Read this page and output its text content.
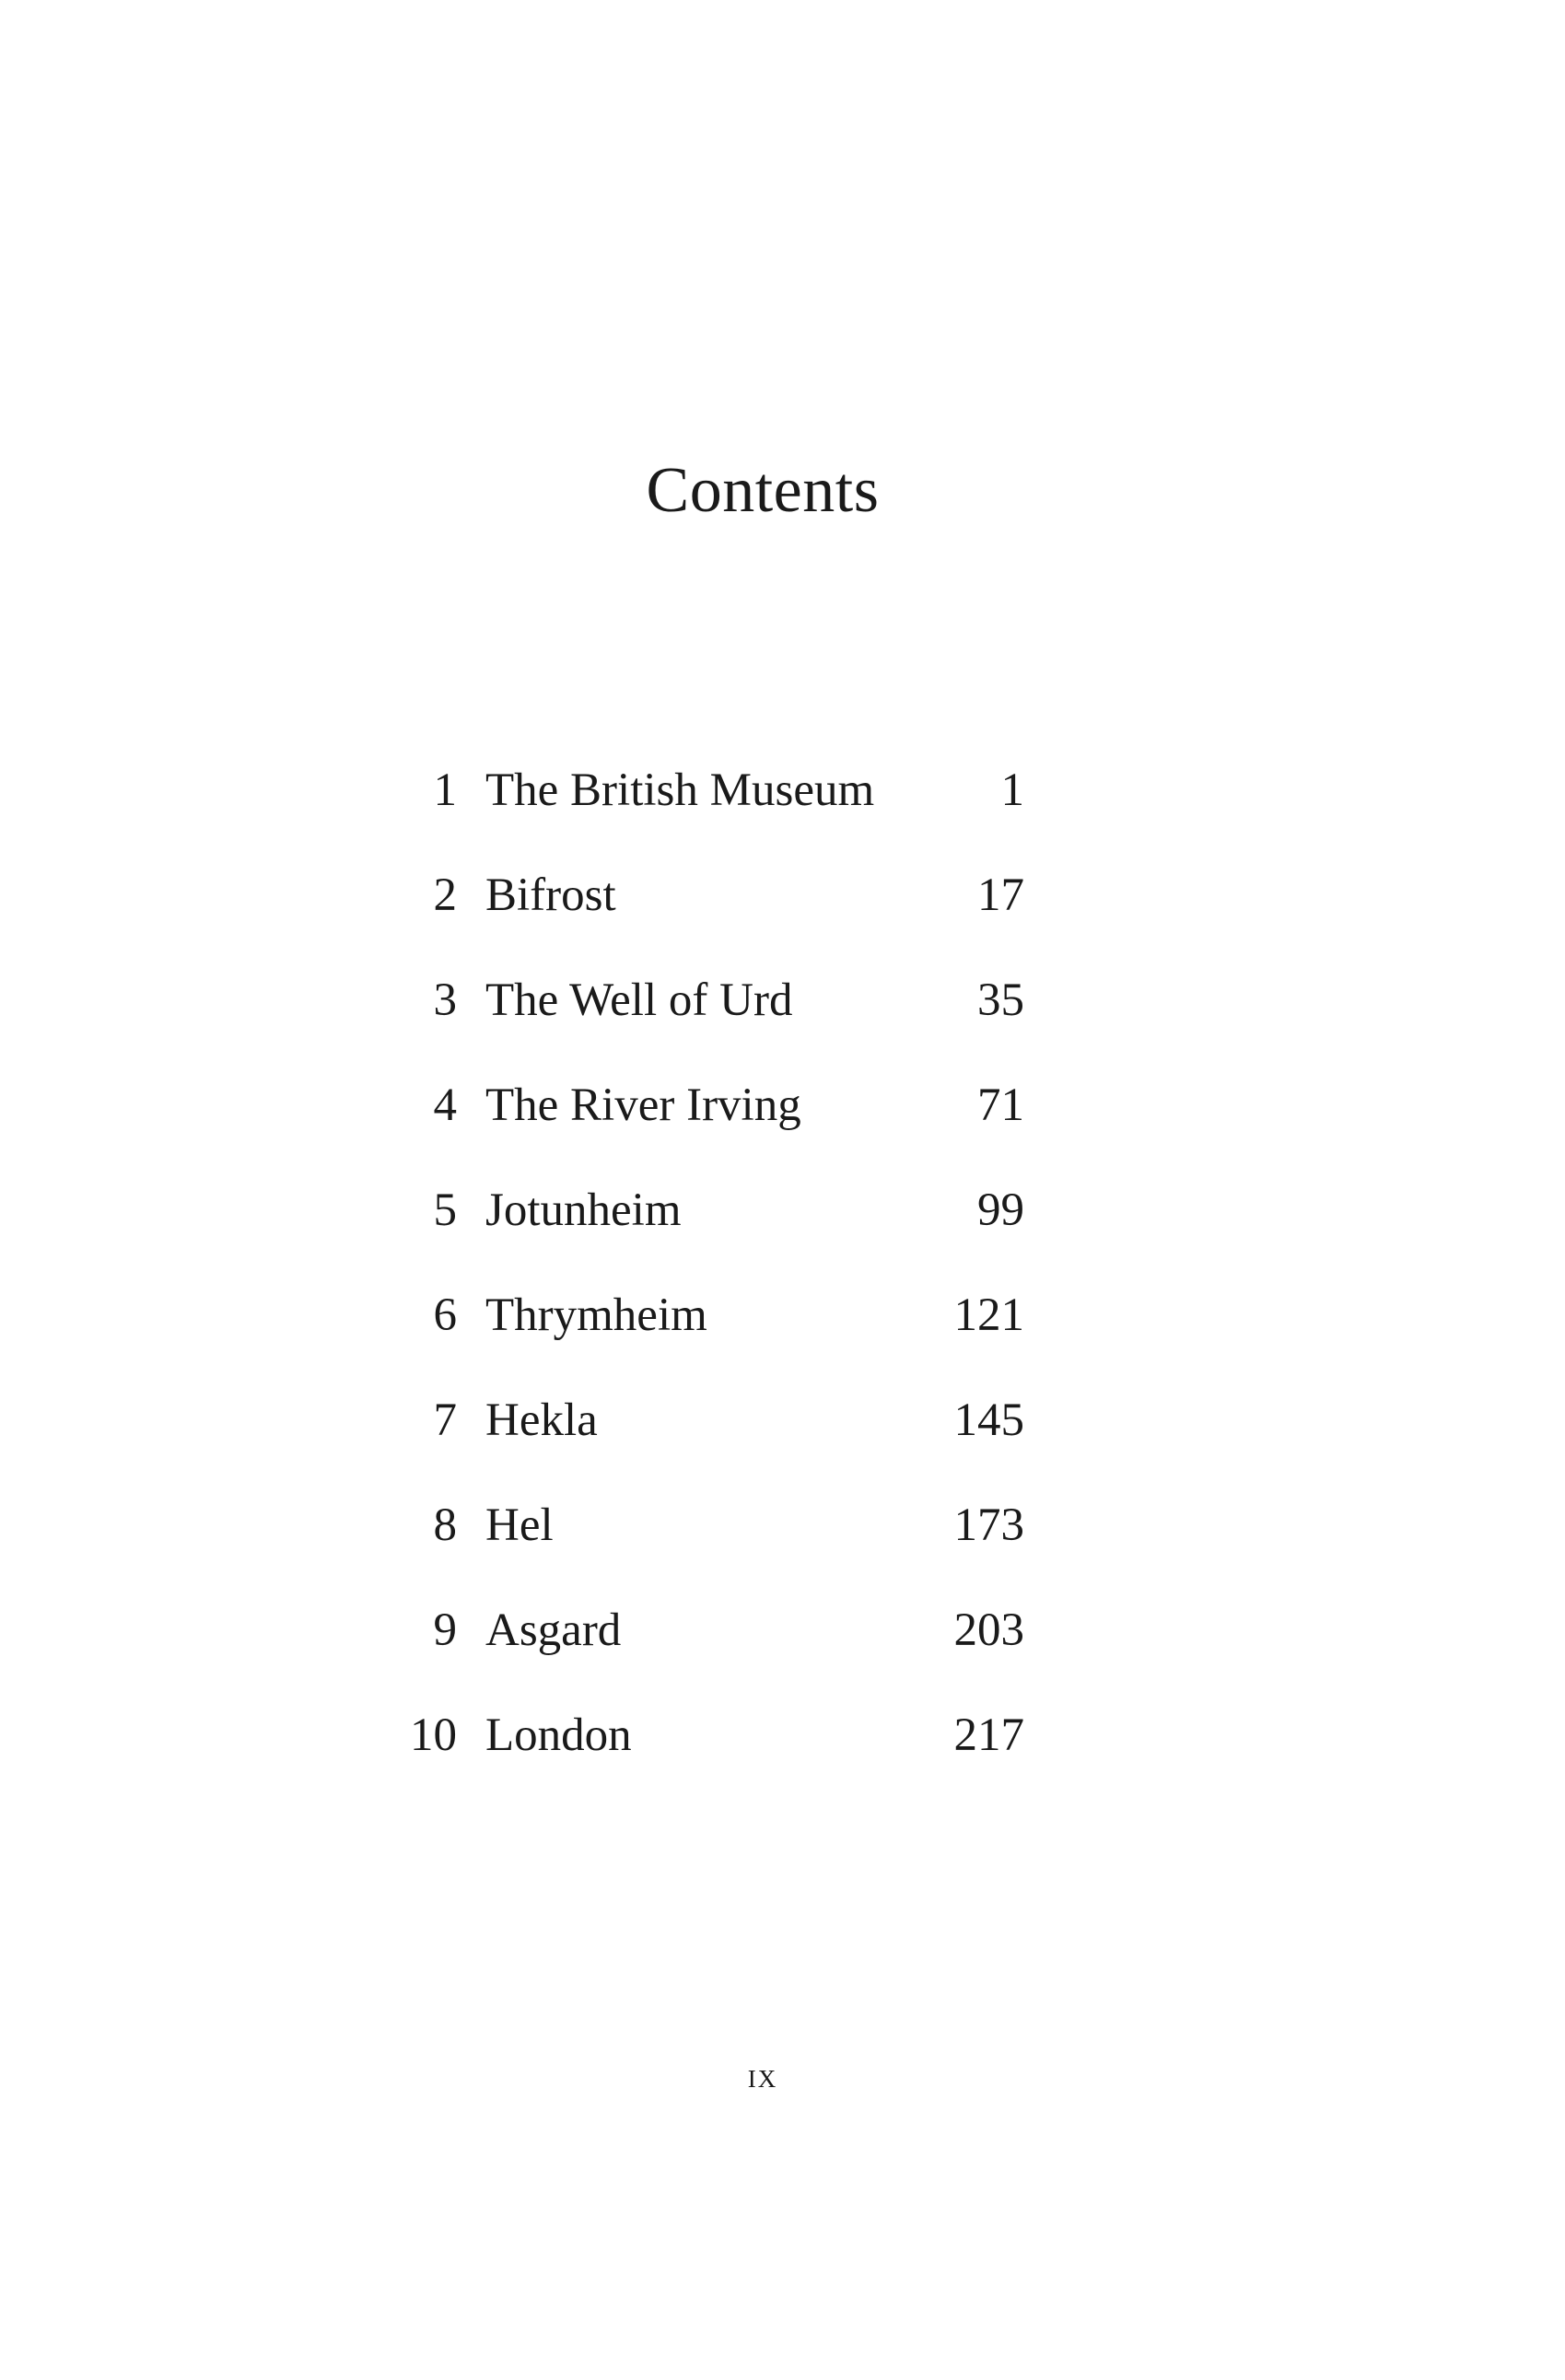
Contents
1 The British Museum	1
2 Bifrost	17
3 The Well of Urd	35
4 The River Irving	71
5 Jotunheim	99
6 Thrymheim	121
7 Hekla	145
8 Hel	173
9 Asgard	203
10 London	217
ix
